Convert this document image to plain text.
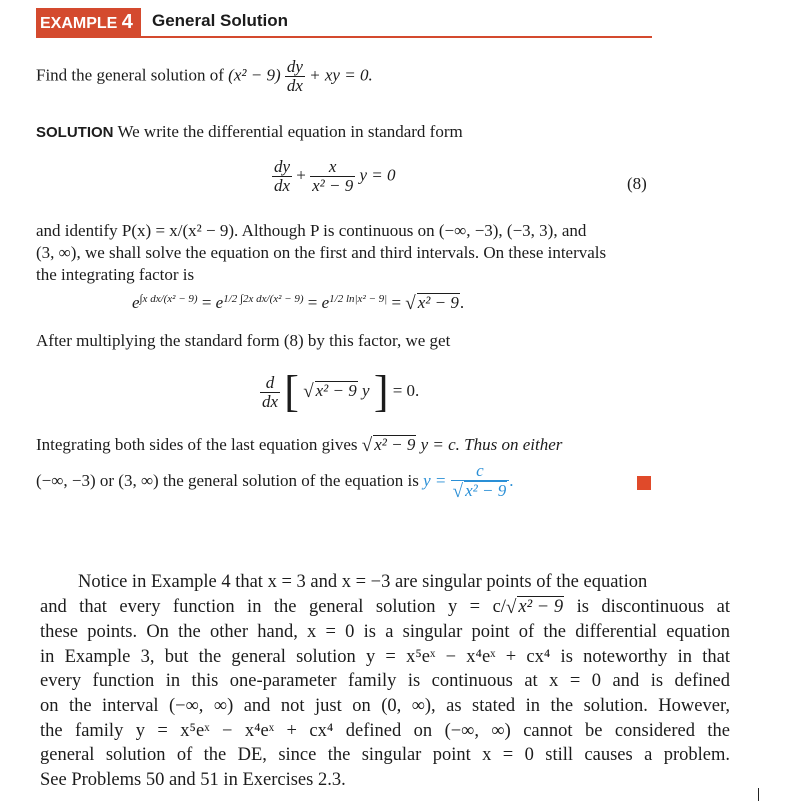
EXAMPLE 4	General Solution
Find the general solution of $(x^2 - 9) \frac{dy}{dx}$ + xy = 0.
SOLUTION We write the differential equation in standard form
$\frac{dy}{dx} + \frac{x}{\text{x² − 9}}$ y = 0	(8)
and identify P(x) = x/(x² − 9). Although P is continuous on (−∞, −3), (−3, 3), and
(3, ∞), we shall solve the equation on the first and third intervals. On these intervals
the integrating factor is
$e^{\int x dx/(x^2 - 9)} = e^{1/2 \int 2x dx/(x^2 - 9)} = e^{1/2 ln|x^2 - 9|}$ = √ x² − 9.
After multiplying the standard form (8) by this factor, we get
$\frac{d}{dx}$ [ √ x² − 9 y ] = 0.
Integrating both sides of the last equation gives √ x² − 9 y = c. Thus on either
(−∞, −3) or (3, ∞) the general solution of the equation is $y = \frac{c}{\text{√ x² − 9}}$ .
Notice in Example 4 that x = 3 and x = −3 are singular points of the equation
and that every function in the general solution y = c/√ x² − 9 is discontinuous at
these points. On the other hand, x = 0 is a singular point of the differential equation
in Example 3, but the general solution y = x⁵eˣ − x⁴eˣ + cx⁴ is noteworthy in that
every function in this one-parameter family is continuous at x = 0 and is defined
on the interval (−∞, ∞) and not just on (0, ∞), as stated in the solution. However,
the family y = x⁵eˣ − x⁴eˣ + cx⁴ defined on (−∞, ∞) cannot be considered the
general solution of the DE, since the singular point x = 0 still causes a problem.
See Problems 50 and 51 in Exercises 2.3.
